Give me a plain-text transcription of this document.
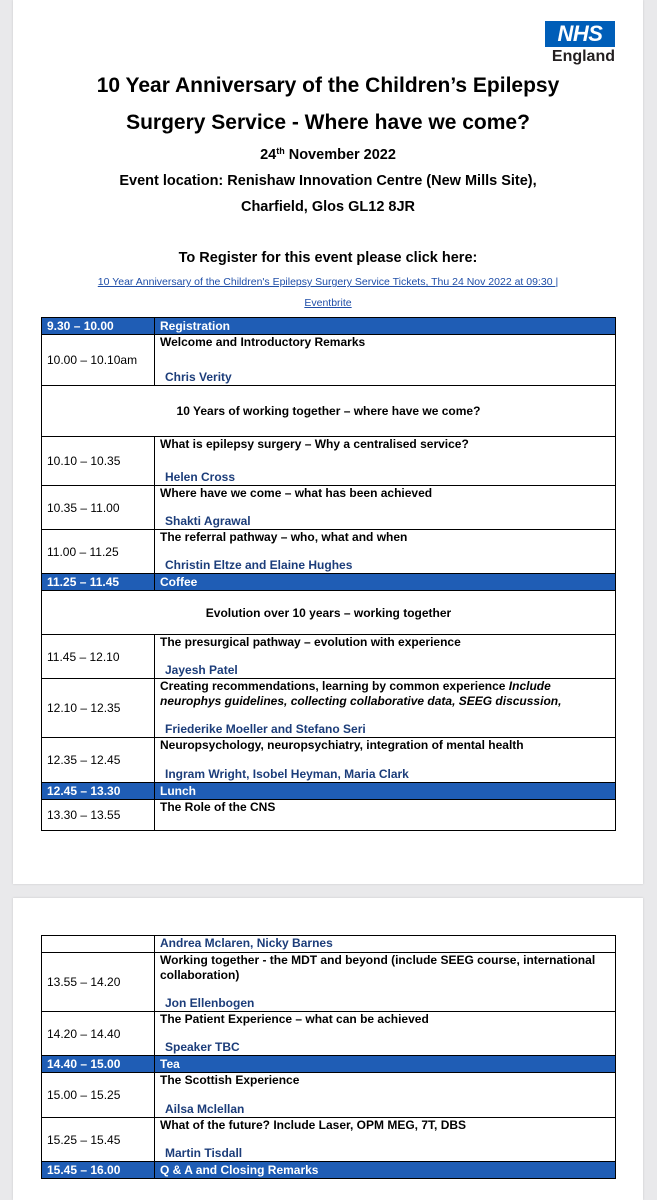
NHS
England

10 Year Anniversary of the Children’s Epilepsy

Surgery Service - Where have we come?

24th November 2022

Event location: Renishaw Innovation Centre (New Mills Site),

Charfield, Glos GL12 8JR

To Register for this event please click here:

10 Year Anniversary of the Children's Epilepsy Surgery Service Tickets, Thu 24 Nov 2022 at 09:30 |
Eventbrite
9.30 – 10.00	Registration

10.00 – 10.10am	Welcome and Introductory Remarks
Chris Verity

10 Years of working together – where have we come?	
10.10 – 10.35	What is epilepsy surgery – Why a centralised service?
Helen Cross

10.35 – 11.00	Where have we come – what has been achieved
Shakti Agrawal

11.00 – 11.25	The referral pathway – who, what and when
Christin Eltze and Elaine Hughes

11.25 – 11.45	Coffee

Evolution over 10 years – working together	
11.45 – 12.10	The presurgical pathway – evolution with experience
Jayesh Patel

12.10 – 12.35	Creating recommendations, learning by common experience Include neurophys guidelines, collecting collaborative data, SEEG discussion,
Friederike Moeller and Stefano Seri

12.35 – 12.45	Neuropsychology, neuropsychiatry, integration of mental health
Ingram Wright, Isobel Heyman, Maria Clark

12.45 – 13.30	Lunch

13.30 – 13.55	The Role of the CNS

	Andrea Mclaren, Nicky Barnes

13.55 – 14.20	Working together - the MDT and beyond (include SEEG course, international collaboration)
Jon Ellenbogen

14.20 – 14.40	The Patient Experience – what can be achieved
Speaker TBC

14.40 – 15.00	Tea

15.00 – 15.25	The Scottish Experience
Ailsa Mclellan

15.25 – 15.45	What of the future? Include Laser, OPM MEG, 7T, DBS
Martin Tisdall

15.45 – 16.00	Q & A and Closing Remarks
